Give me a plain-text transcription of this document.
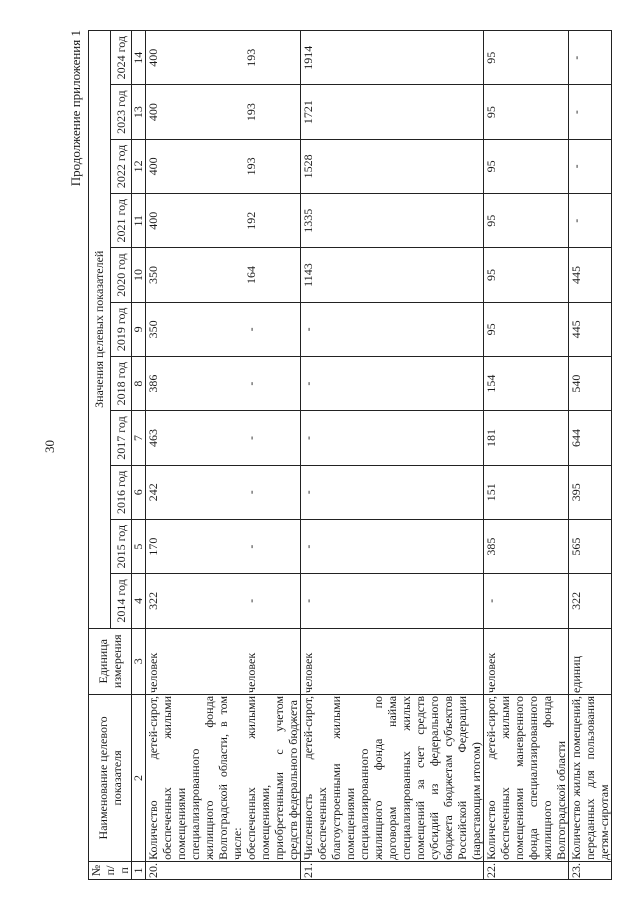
30
Продолжение приложения 1
№ п/п	Наименование целевого показателя	Единица измерения	Значения целевых показателей										
			2014 год	2015 год	2016 год	2017 год	2018 год	2019 год	2020 год	2021 год	2022 год	2023 год	2024 год
1	2	3	4	5	6	7	8	9	10	11	12	13	14
20.	Количество детей-сирот, обеспеченных жилыми помещениями специализированного жилищного фонда Волгоградской области, в том числе:	человек	322	170	242	463	386	350	350	400	400	400	400
	обеспеченных жилыми помещениями, приобретенными с учетом средств федерального бюджета	человек	-	-	-	-	-	-	164	192	193	193	193
21.	Численность детей-сирот, обеспеченных благоустроенными жилыми помещениями специализированного жилищного фонда по договорам найма специализированных жилых помещений за счет средств субсидий из федерального бюджета бюджетам субъектов Российской Федерации (нарастающим итогом)	человек	-	-	-	-	-	-	1143	1335	1528	1721	1914
22.	Количество детей-сирот, обеспеченных жилыми помещениями маневренного фонда специализированного жилищного фонда Волгоградской области	человек	-	385	151	181	154	95	95	95	95	95	95
23.	Количество жилых помещений, переданных для пользования детям-сиротам	единиц	322	565	395	644	540	445	445	-	-	-	-
